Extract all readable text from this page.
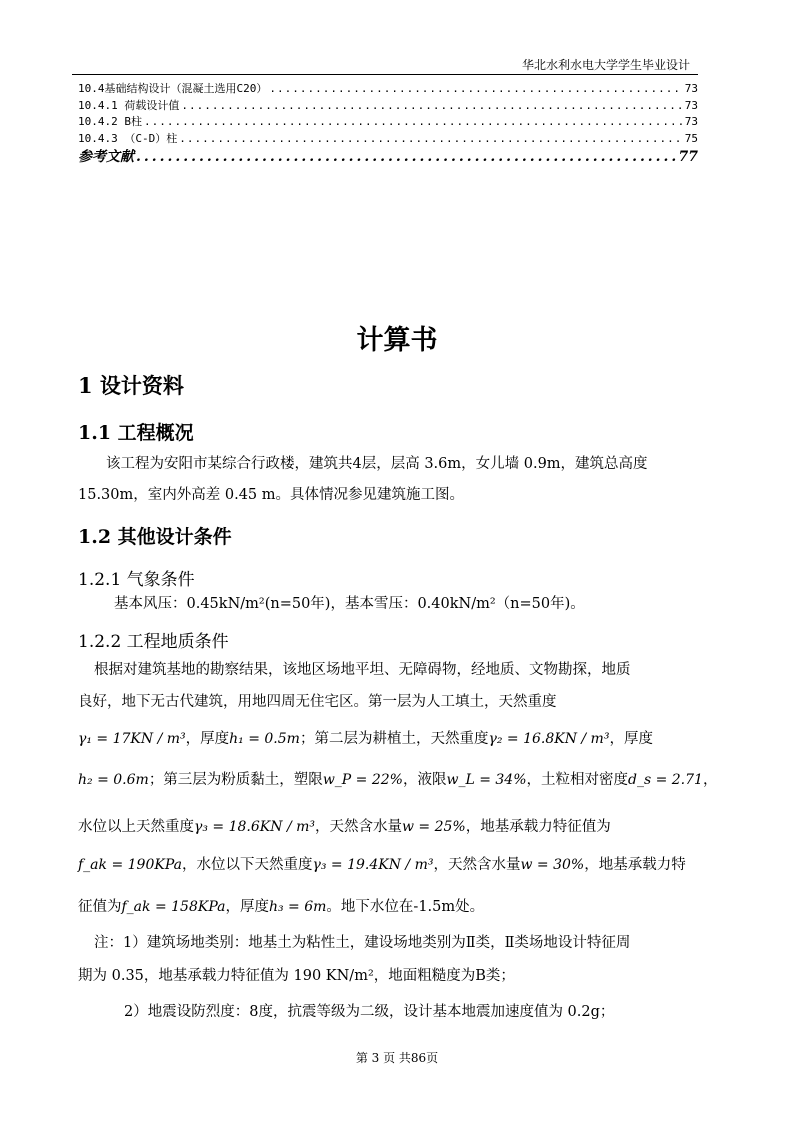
华北水利水电大学学生毕业设计
10.4基础结构设计（混凝土选用C20） .....	73
10.4.1 荷载设计值 .....	73
10.4.2 B柱 .....	73
10.4.3 （C-D）柱 .....	75
参考文献 .....	77
计算书
1 设计资料
1.1 工程概况
该工程为安阳市某综合行政楼，建筑共4层，层高 3.6m，女儿墙 0.9m，建筑总高度
15.30m，室内外高差 0.45 m。具体情况参见建筑施工图。
1.2 其他设计条件
1.2.1 气象条件
基本风压：0.45kN/m²(n=50年)，基本雪压：0.40kN/m²（n=50年)。
1.2.2 工程地质条件
根据对建筑基地的勘察结果，该地区场地平坦、无障碍物，经地质、文物勘探，地质
良好，地下无古代建筑，用地四周无住宅区。第一层为人工填土，天然重度
γ₁ = 17KN / m³，厚度h₁ = 0.5m；第二层为耕植土，天然重度γ₂ = 16.8KN / m³，厚度
h₂ = 0.6m；第三层为粉质黏土，塑限w_P = 22%，液限w_L = 34%，土粒相对密度d_s = 2.71，
水位以上天然重度γ₃ = 18.6KN / m³，天然含水量w = 25%，地基承载力特征值为
f_ak = 190KPa，水位以下天然重度γ₃ = 19.4KN / m³，天然含水量w = 30%，地基承载力特
征值为f_ak = 158KPa，厚度h₃ = 6m。地下水位在-1.5m处。
注：1）建筑场地类别：地基土为粘性土，建设场地类别为Ⅱ类，Ⅱ类场地设计特征周
期为 0.35，地基承载力特征值为 190 KN/m²，地面粗糙度为B类；
2）地震设防烈度：8度，抗震等级为二级，设计基本地震加速度值为 0.2g；
第 3 页 共86页
